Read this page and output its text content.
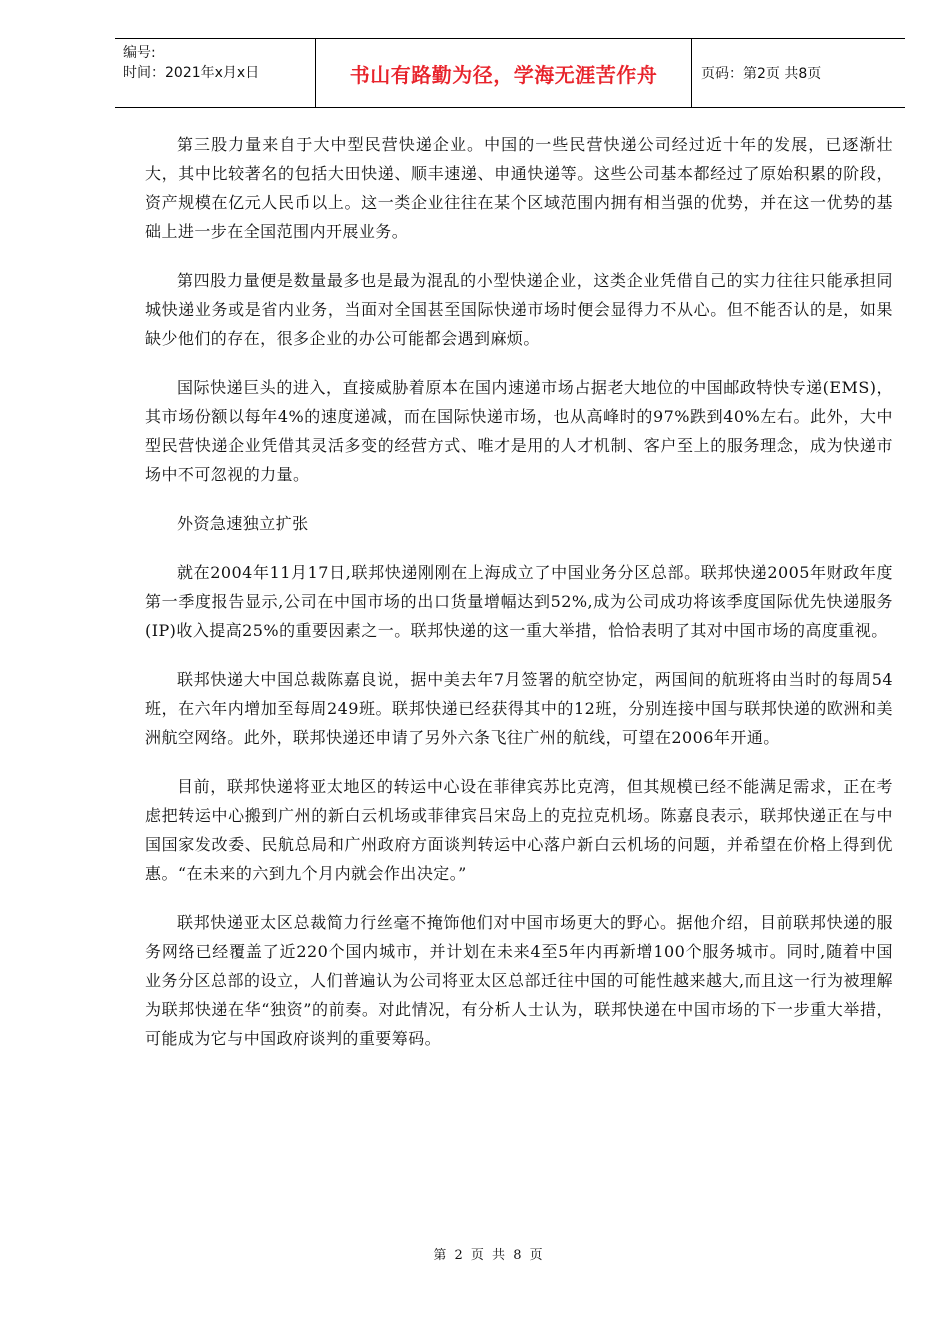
编号:
时间：2021年x月x日	书山有路勤为径，学海无涯苦作舟	页码：第2页 共8页

第三股力量来自于大中型民营快递企业。中国的一些民营快递公司经过近十年的发展，已逐渐壮大，其中比较著名的包括大田快递、顺丰速递、申通快递等。这些公司基本都经过了原始积累的阶段，资产规模在亿元人民币以上。这一类企业往往在某个区域范围内拥有相当强的优势，并在这一优势的基础上进一步在全国范围内开展业务。

第四股力量便是数量最多也是最为混乱的小型快递企业，这类企业凭借自己的实力往往只能承担同城快递业务或是省内业务，当面对全国甚至国际快递市场时便会显得力不从心。但不能否认的是，如果缺少他们的存在，很多企业的办公可能都会遇到麻烦。

国际快递巨头的进入，直接威胁着原本在国内速递市场占据老大地位的中国邮政特快专递(EMS)，其市场份额以每年4%的速度递减，而在国际快递市场，也从高峰时的97%跌到40%左右。此外，大中型民营快递企业凭借其灵活多变的经营方式、唯才是用的人才机制、客户至上的服务理念，成为快递市场中不可忽视的力量。

外资急速独立扩张

就在2004年11月17日,联邦快递刚刚在上海成立了中国业务分区总部。联邦快递2005年财政年度第一季度报告显示,公司在中国市场的出口货量增幅达到52%,成为公司成功将该季度国际优先快递服务(IP)收入提高25%的重要因素之一。联邦快递的这一重大举措，恰恰表明了其对中国市场的高度重视。

联邦快递大中国总裁陈嘉良说，据中美去年7月签署的航空协定，两国间的航班将由当时的每周54班，在六年内增加至每周249班。联邦快递已经获得其中的12班，分别连接中国与联邦快递的欧洲和美洲航空网络。此外，联邦快递还申请了另外六条飞往广州的航线，可望在2006年开通。

目前，联邦快递将亚太地区的转运中心设在菲律宾苏比克湾，但其规模已经不能满足需求，正在考虑把转运中心搬到广州的新白云机场或菲律宾吕宋岛上的克拉克机场。陈嘉良表示，联邦快递正在与中国国家发改委、民航总局和广州政府方面谈判转运中心落户新白云机场的问题，并希望在价格上得到优惠。“在未来的六到九个月内就会作出决定。”

联邦快递亚太区总裁简力行丝毫不掩饰他们对中国市场更大的野心。据他介绍，目前联邦快递的服务网络已经覆盖了近220个国内城市，并计划在未来4至5年内再新增100个服务城市。同时,随着中国业务分区总部的设立，人们普遍认为公司将亚太区总部迁往中国的可能性越来越大,而且这一行为被理解为联邦快递在华“独资”的前奏。对此情况，有分析人士认为，联邦快递在中国市场的下一步重大举措，可能成为它与中国政府谈判的重要筹码。

第 2 页 共 8 页
